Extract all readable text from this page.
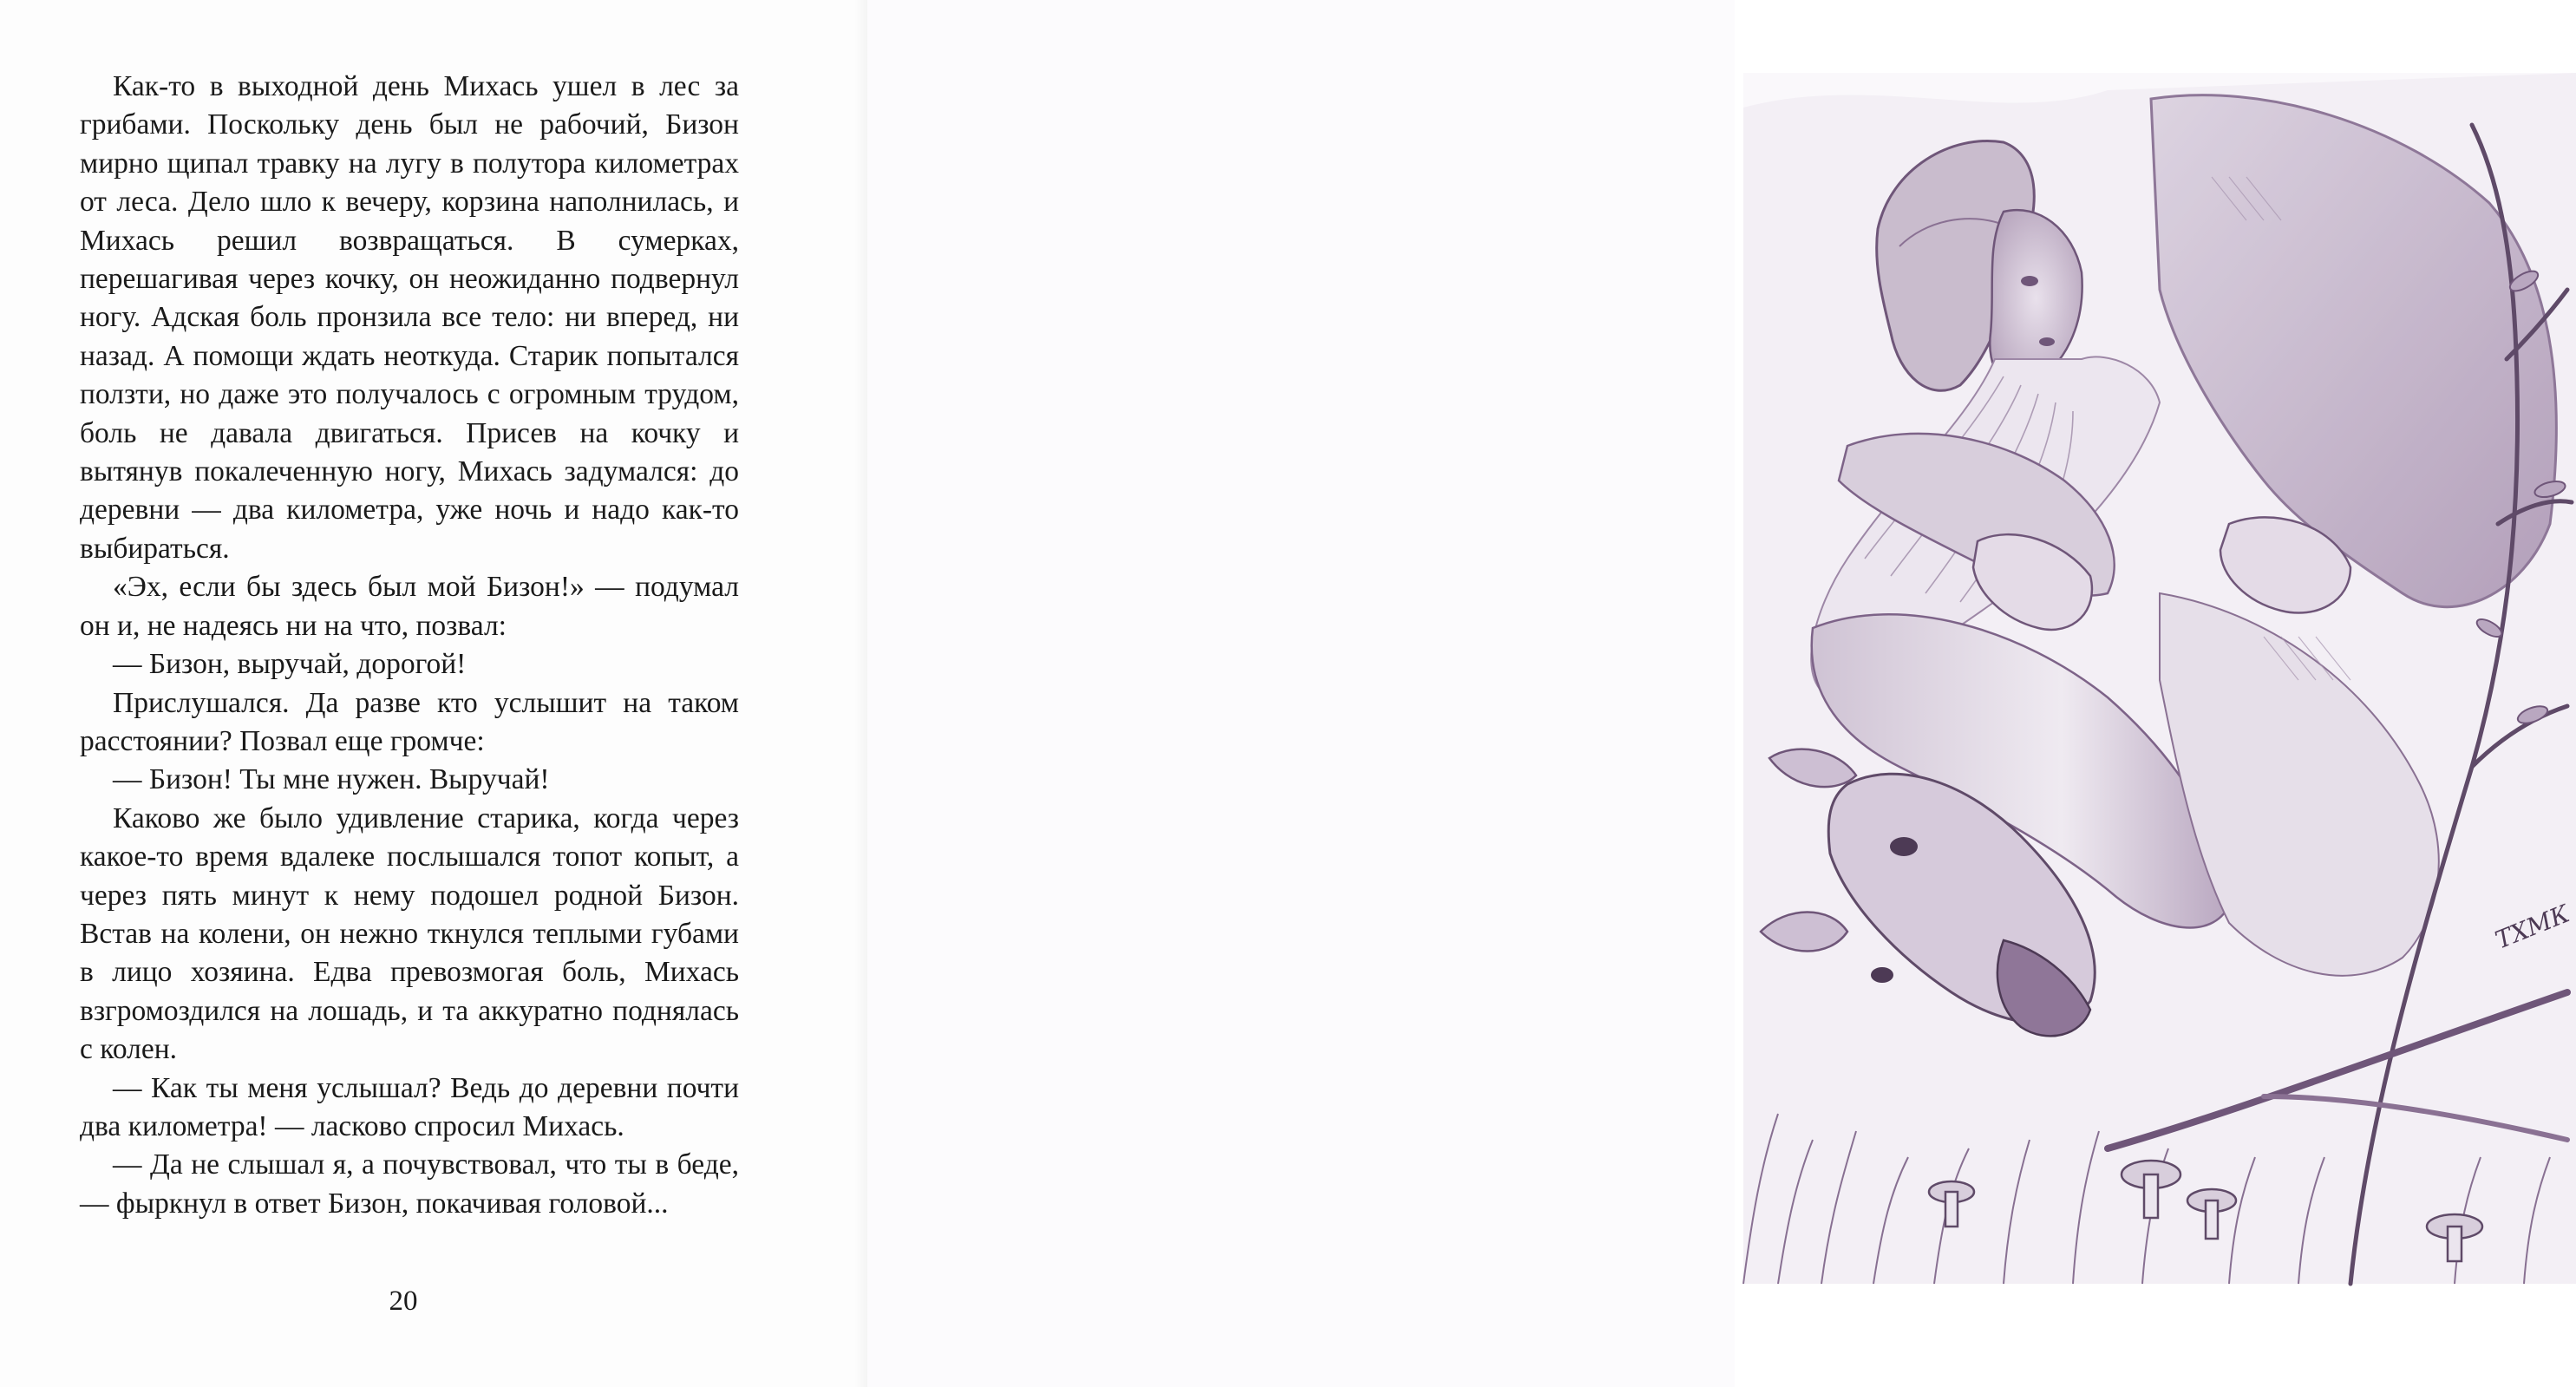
Как-то в выходной день Михась ушел в лес за грибами. Поскольку день был не рабочий, Бизон мирно щипал травку на лугу в полутора километрах от леса. Дело шло к вечеру, корзина наполнилась, и Михась решил возвращаться. В сумерках, перешагивая через кочку, он неожиданно подвернул ногу. Адская боль пронзила все тело: ни вперед, ни назад. А помощи ждать неоткуда. Старик попытался ползти, но даже это получалось с огромным трудом, боль не давала двигаться. Присев на кочку и вытянув покалеченную ногу, Михась задумался: до деревни — два километра, уже ночь и надо как-то выбираться.

«Эх, если бы здесь был мой Бизон!» — подумал он и, не надеясь ни на что, позвал:

— Бизон, выручай, дорогой!

Прислушался. Да разве кто услышит на таком расстоянии? Позвал еще громче:

— Бизон! Ты мне нужен. Выручай!

Каково же было удивление старика, когда через какое-то время вдалеке послышался топот копыт, а через пять минут к нему подошел родной Бизон. Встав на колени, он нежно ткнулся теплыми губами в лицо хозяина. Едва превозмогая боль, Михась взгромоздился на лошадь, и та аккуратно поднялась с колен.

— Как ты меня услышал? Ведь до деревни почти два километра! — ласково спросил Михась.

— Да не слышал я, а почувствовал, что ты в беде, — фыркнул в ответ Бизон, покачивая головой...

20
ТХМК
